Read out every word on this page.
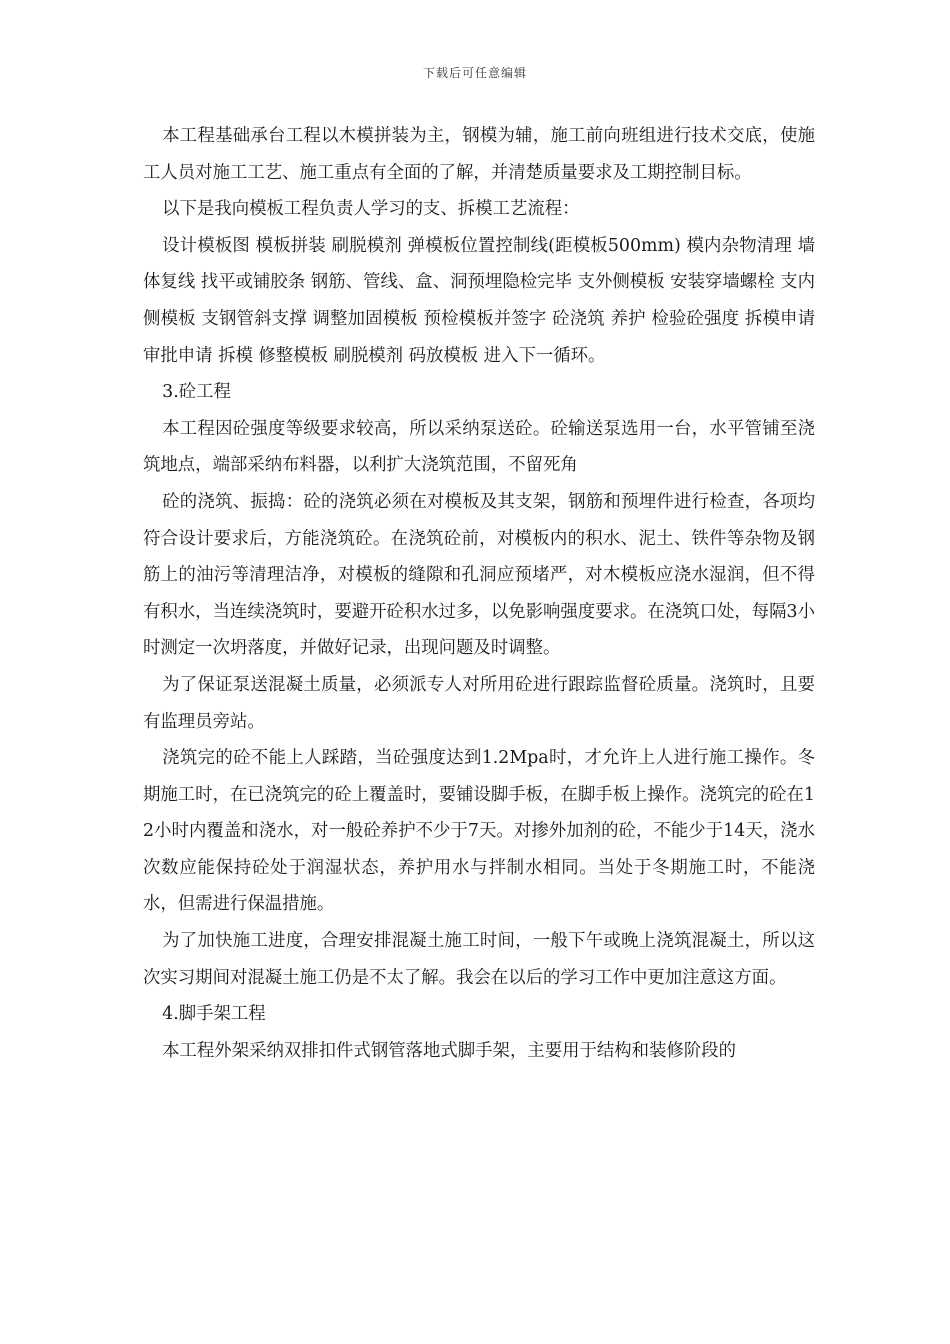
下载后可任意编辑

本工程基础承台工程以木模拼装为主，钢模为辅，施工前向班组进行技术交底，使施工人员对施工工艺、施工重点有全面的了解，并清楚质量要求及工期控制目标。

以下是我向模板工程负责人学习的支、拆模工艺流程：

设计模板图 模板拼装 刷脱模剂 弹模板位置控制线(距模板500mm) 模内杂物清理 墙体复线 找平或铺胶条 钢筋、管线、盒、洞预埋隐检完毕 支外侧模板 安装穿墙螺栓 支内侧模板 支钢管斜支撑 调整加固模板 预检模板并签字 砼浇筑 养护 检验砼强度 拆模申请 审批申请 拆模 修整模板 刷脱模剂 码放模板 进入下一循环。

3.砼工程

本工程因砼强度等级要求较高，所以采纳泵送砼。砼输送泵选用一台，水平管铺至浇筑地点，端部采纳布料器，以利扩大浇筑范围，不留死角

砼的浇筑、振捣：砼的浇筑必须在对模板及其支架，钢筋和预埋件进行检查，各项均符合设计要求后，方能浇筑砼。在浇筑砼前，对模板内的积水、泥土、铁件等杂物及钢筋上的油污等清理洁净，对模板的缝隙和孔洞应预堵严，对木模板应浇水湿润，但不得有积水，当连续浇筑时，要避开砼积水过多，以免影响强度要求。在浇筑口处，每隔3小时测定一次坍落度，并做好记录，出现问题及时调整。

为了保证泵送混凝土质量，必须派专人对所用砼进行跟踪监督砼质量。浇筑时，且要有监理员旁站。

浇筑完的砼不能上人踩踏，当砼强度达到1.2Mpa时，才允许上人进行施工操作。冬期施工时，在已浇筑完的砼上覆盖时，要铺设脚手板，在脚手板上操作。浇筑完的砼在12小时内覆盖和浇水，对一般砼养护不少于7天。对掺外加剂的砼，不能少于14天，浇水次数应能保持砼处于润湿状态，养护用水与拌制水相同。当处于冬期施工时，不能浇水，但需进行保温措施。

为了加快施工进度，合理安排混凝土施工时间，一般下午或晚上浇筑混凝土，所以这次实习期间对混凝土施工仍是不太了解。我会在以后的学习工作中更加注意这方面。

4.脚手架工程

本工程外架采纳双排扣件式钢管落地式脚手架，主要用于结构和装修阶段的
